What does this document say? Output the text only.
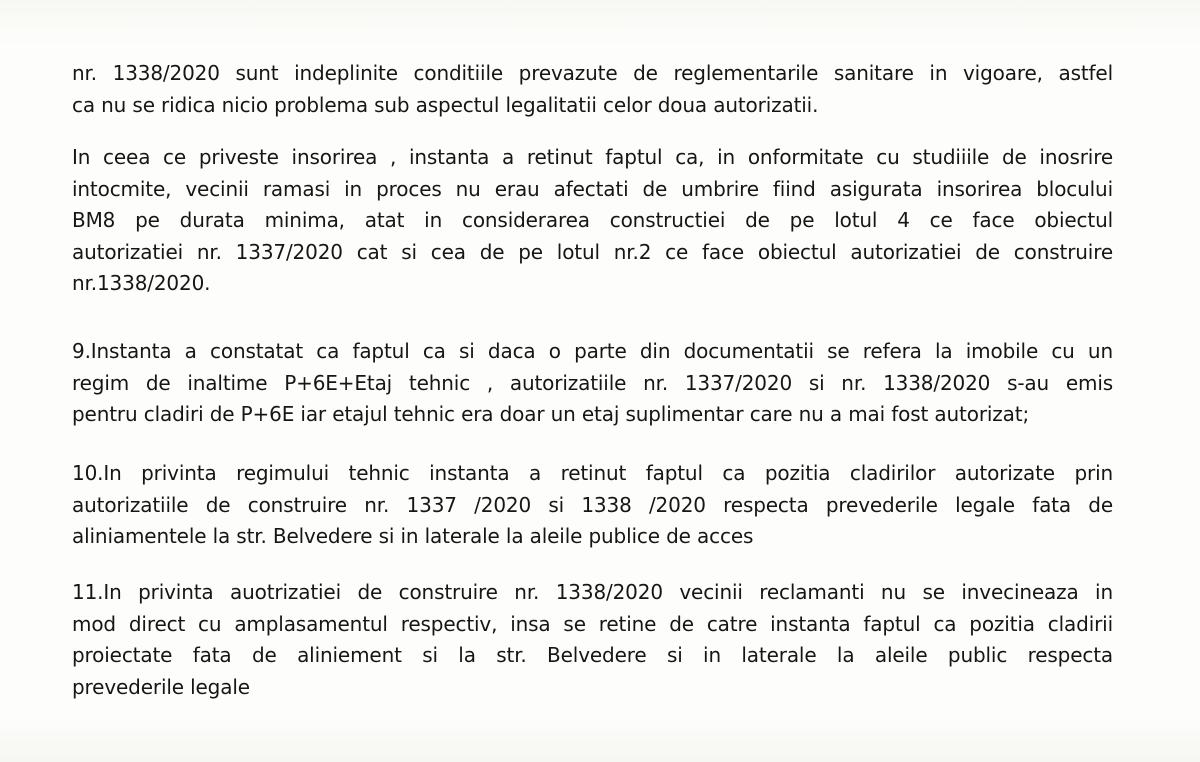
nr. 1338/2020 sunt indeplinite conditiile prevazute de reglementarile sanitare in vigoare, astfel
ca nu se ridica nicio problema sub aspectul legalitatii celor doua autorizatii.
In ceea ce priveste insorirea , instanta a retinut faptul ca, in onformitate cu studiiile de inosrire
intocmite, vecinii ramasi in proces nu erau afectati de umbrire fiind asigurata insorirea blocului
BM8 pe durata minima, atat in considerarea constructiei de pe lotul 4 ce face obiectul
autorizatiei nr. 1337/2020 cat si cea de pe lotul nr.2 ce face obiectul autorizatiei de construire
nr.1338/2020.
9.Instanta a constatat ca faptul ca si daca o parte din documentatii se refera la imobile cu un
regim de inaltime P+6E+Etaj tehnic , autorizatiile nr. 1337/2020 si nr. 1338/2020 s-au emis
pentru cladiri de P+6E iar etajul tehnic era doar un etaj suplimentar care nu a mai fost autorizat;
10.In privinta regimului tehnic instanta a retinut faptul ca pozitia cladirilor autorizate prin
autorizatiile de construire nr. 1337 /2020 si 1338 /2020 respecta prevederile legale fata de
aliniamentele la str. Belvedere si in laterale la aleile publice de acces
11.In privinta auotrizatiei de construire nr. 1338/2020 vecinii reclamanti nu se invecineaza in
mod direct cu amplasamentul respectiv, insa se retine de catre instanta faptul ca pozitia cladirii
proiectate fata de aliniement si la str. Belvedere si in laterale la aleile public respecta
prevederile legale
